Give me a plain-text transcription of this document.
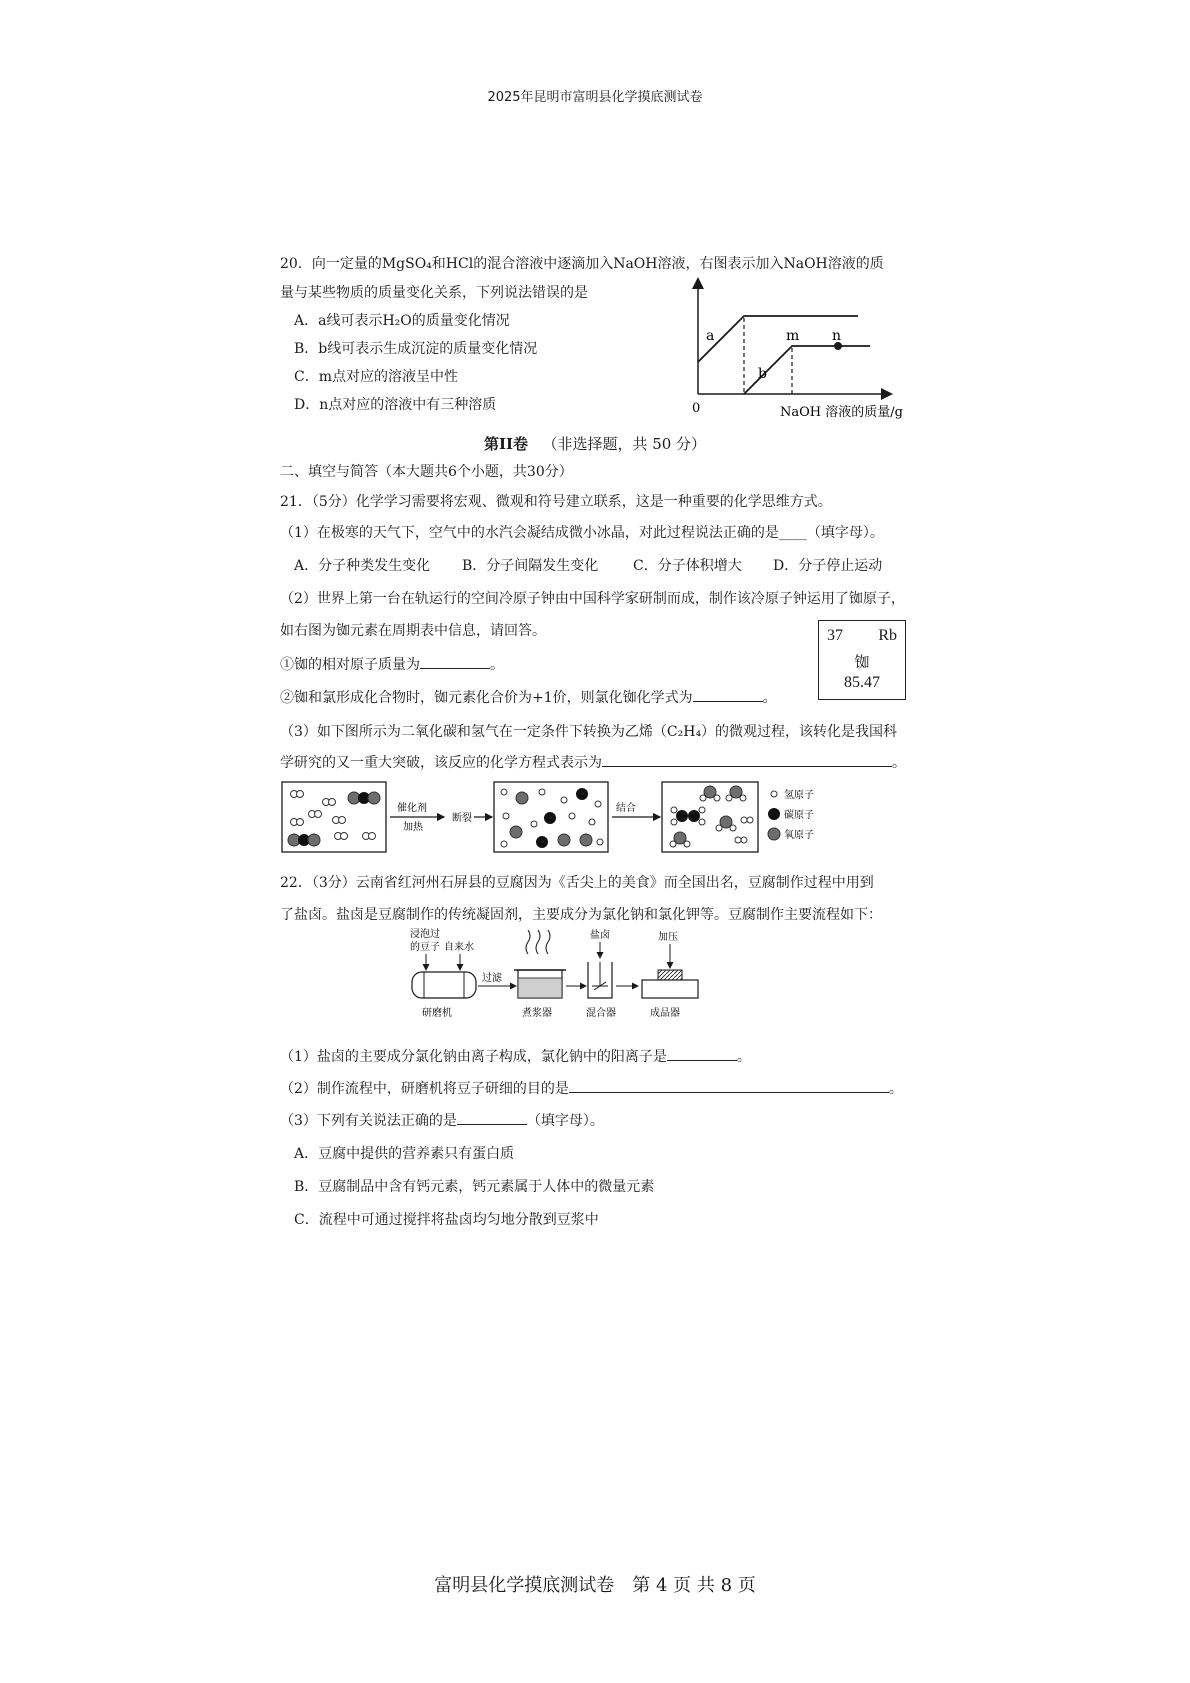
2025年昆明市富明县化学摸底测试卷
20．向一定量的MgSO₄和HCl的混合溶液中逐滴加入NaOH溶液，右图表示加入NaOH溶液的质
量与某些物质的质量变化关系，下列说法错误的是
A．a线可表示H₂O的质量变化情况
B．b线可表示生成沉淀的质量变化情况
C．m点对应的溶液呈中性
D．n点对应的溶液中有三种溶质
a
b
m n
0	NaOH 溶液的质量/g
第II卷 （非选择题，共 50 分）
二、填空与简答（本大题共6个小题，共30分）
21．（5分）化学学习需要将宏观、微观和符号建立联系，这是一种重要的化学思维方式。
（1）在极寒的天气下，空气中的水汽会凝结成微小冰晶，对此过程说法正确的是____（填字母）。
A．分子种类发生变化 B．分子间隔发生变化 C．分子体积增大 D．分子停止运动
（2）世界上第一台在轨运行的空间冷原子钟由中国科学家研制而成，制作该冷原子钟运用了铷原子，
如右图为铷元素在周期表中信息，请回答。
①铷的相对原子质量为	。
②铷和氯形成化合物时，铷元素化合价为+1价，则氯化铷化学式为	。
37 Rb
铷
85.47
（3）如下图所示为二氧化碳和氢气在一定条件下转换为乙烯（C₂H₄）的微观过程，该转化是我国科
学研究的又一重大突破，该反应的化学方程式表示为	。
催化剂
加热
断裂
结合
氢原子
碳原子
氧原子
22．（3分）云南省红河州石屏县的豆腐因为《舌尖上的美食》而全国出名，豆腐制作过程中用到
了盐卤。盐卤是豆腐制作的传统凝固剂，主要成分为氯化钠和氯化钾等。豆腐制作主要流程如下：
浸泡过
的豆子 自来水
研磨机
过滤
煮浆器
盐卤
混合器
加压
成品器
（1）盐卤的主要成分氯化钠由离子构成，氯化钠中的阳离子是	。
（2）制作流程中，研磨机将豆子研细的目的是	。
（3）下列有关说法正确的是	（填字母）。
A．豆腐中提供的营养素只有蛋白质
B．豆腐制品中含有钙元素，钙元素属于人体中的微量元素
C．流程中可通过搅拌将盐卤均匀地分散到豆浆中
富明县化学摸底测试卷　第 4 页 共 8 页
